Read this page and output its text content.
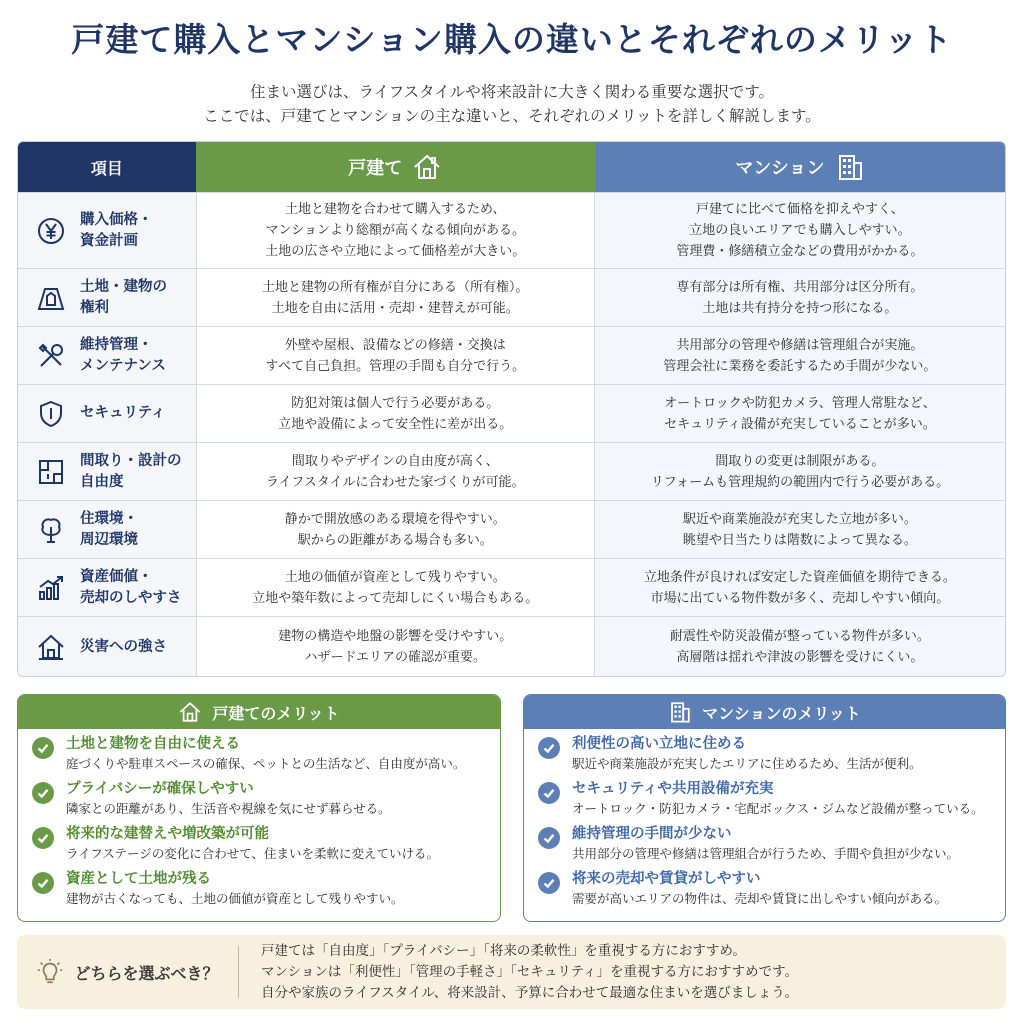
戸建て購入とマンション購入の違いとそれぞれのメリット
住まい選びは、ライフスタイルや将来設計に大きく関わる重要な選択です。
ここでは、戸建てとマンションの主な違いと、それぞれのメリットを詳しく解説します。
項目	戸建て	マンション
購入価格・
資金計画
土地と建物を合わせて購入するため、
マンションより総額が高くなる傾向がある。
土地の広さや立地によって価格差が大きい。
戸建てに比べて価格を抑えやすく、
立地の良いエリアでも購入しやすい。
管理費・修繕積立金などの費用がかかる。
土地・建物の
権利
土地と建物の所有権が自分にある（所有権）。
土地を自由に活用・売却・建替えが可能。
専有部分は所有権、共用部分は区分所有。
土地は共有持分を持つ形になる。
維持管理・
メンテナンス
外壁や屋根、設備などの修繕・交換は
すべて自己負担。管理の手間も自分で行う。
共用部分の管理や修繕は管理組合が実施。
管理会社に業務を委託するため手間が少ない。
セキュリティ
防犯対策は個人で行う必要がある。
立地や設備によって安全性に差が出る。
オートロックや防犯カメラ、管理人常駐など、
セキュリティ設備が充実していることが多い。
間取り・設計の
自由度
間取りやデザインの自由度が高く、
ライフスタイルに合わせた家づくりが可能。
間取りの変更は制限がある。
リフォームも管理規約の範囲内で行う必要がある。
住環境・
周辺環境
静かで開放感のある環境を得やすい。
駅からの距離がある場合も多い。
駅近や商業施設が充実した立地が多い。
眺望や日当たりは階数によって異なる。
資産価値・
売却のしやすさ
土地の価値が資産として残りやすい。
立地や築年数によって売却しにくい場合もある。
立地条件が良ければ安定した資産価値を期待できる。
市場に出ている物件数が多く、売却しやすい傾向。
災害への強さ
建物の構造や地盤の影響を受けやすい。
ハザードエリアの確認が重要。
耐震性や防災設備が整っている物件が多い。
高層階は揺れや津波の影響を受けにくい。
戸建てのメリット
土地と建物を自由に使える
庭づくりや駐車スペースの確保、ペットとの生活など、自由度が高い。
プライバシーが確保しやすい
隣家との距離があり、生活音や視線を気にせず暮らせる。
将来的な建替えや増改築が可能
ライフステージの変化に合わせて、住まいを柔軟に変えていける。
資産として土地が残る
建物が古くなっても、土地の価値が資産として残りやすい。
マンションのメリット
利便性の高い立地に住める
駅近や商業施設が充実したエリアに住めるため、生活が便利。
セキュリティや共用設備が充実
オートロック・防犯カメラ・宅配ボックス・ジムなど設備が整っている。
維持管理の手間が少ない
共用部分の管理や修繕は管理組合が行うため、手間や負担が少ない。
将来の売却や賃貸がしやすい
需要が高いエリアの物件は、売却や賃貸に出しやすい傾向がある。
どちらを選ぶべき？
戸建ては「自由度」「プライバシー」「将来の柔軟性」を重視する方におすすめ。
マンションは「利便性」「管理の手軽さ」「セキュリティ」を重視する方におすすめです。
自分や家族のライフスタイル、将来設計、予算に合わせて最適な住まいを選びましょう。
